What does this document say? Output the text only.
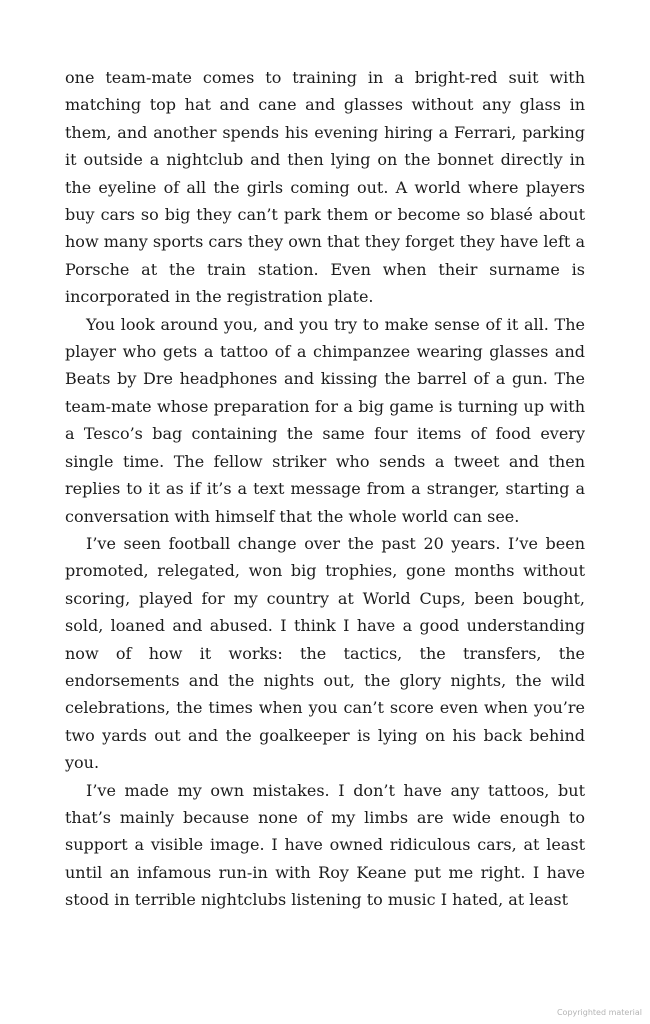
one team-mate comes to training in a bright-red suit with matching top hat and cane and glasses without any glass in them, and another spends his evening hiring a Ferrari, parking it outside a nightclub and then lying on the bonnet directly in the eyeline of all the girls coming out. A world where players buy cars so big they can’t park them or become so blasé about how many sports cars they own that they forget they have left a Porsche at the train station. Even when their surname is incorporated in the registration plate.

You look around you, and you try to make sense of it all. The player who gets a tattoo of a chimpanzee wearing glasses and Beats by Dre headphones and kissing the barrel of a gun. The team-mate whose preparation for a big game is turning up with a Tesco’s bag containing the same four items of food every single time. The fellow striker who sends a tweet and then replies to it as if it’s a text message from a stranger, starting a conversation with himself that the whole world can see.

I’ve seen football change over the past 20 years. I’ve been promoted, relegated, won big trophies, gone months without scoring, played for my country at World Cups, been bought, sold, loaned and abused. I think I have a good understanding now of how it works: the tactics, the transfers, the endorsements and the nights out, the glory nights, the wild celebrations, the times when you can’t score even when you’re two yards out and the goalkeeper is lying on his back behind you.

I’ve made my own mistakes. I don’t have any tattoos, but that’s mainly because none of my limbs are wide enough to support a visible image. I have owned ridiculous cars, at least until an infamous run-in with Roy Keane put me right. I have stood in terrible nightclubs listening to music I hated, at least

Copyrighted material
